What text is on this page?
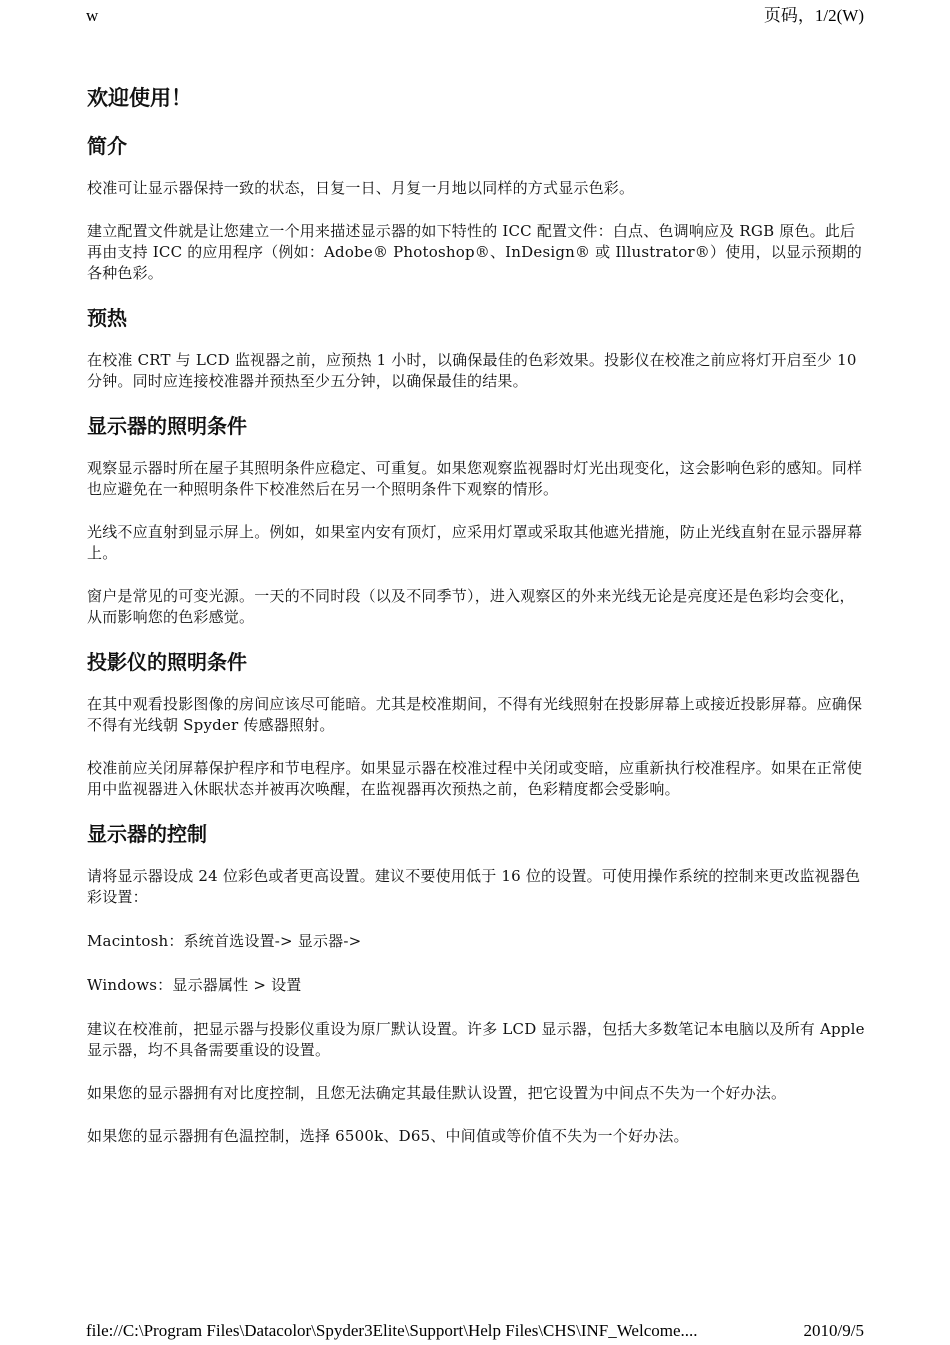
w	页码，1/2(W)
欢迎使用！
简介
校准可让显示器保持一致的状态，日复一日、月复一月地以同样的方式显示色彩。
建立配置文件就是让您建立一个用来描述显示器的如下特性的 ICC 配置文件：白点、色调响应及 RGB 原色。此后再由支持 ICC 的应用程序（例如：Adobe® Photoshop®、InDesign® 或 Illustrator®）使用，以显示预期的各种色彩。
预热
在校准 CRT 与 LCD 监视器之前，应预热 1 小时，以确保最佳的色彩效果。投影仪在校准之前应将灯开启至少 10 分钟。同时应连接校准器并预热至少五分钟，以确保最佳的结果。
显示器的照明条件
观察显示器时所在屋子其照明条件应稳定、可重复。如果您观察监视器时灯光出现变化，这会影响色彩的感知。同样也应避免在一种照明条件下校准然后在另一个照明条件下观察的情形。
光线不应直射到显示屏上。例如，如果室内安有顶灯，应采用灯罩或采取其他遮光措施，防止光线直射在显示器屏幕上。
窗户是常见的可变光源。一天的不同时段（以及不同季节），进入观察区的外来光线无论是亮度还是色彩均会变化，从而影响您的色彩感觉。
投影仪的照明条件
在其中观看投影图像的房间应该尽可能暗。尤其是校准期间，不得有光线照射在投影屏幕上或接近投影屏幕。应确保不得有光线朝 Spyder 传感器照射。
校准前应关闭屏幕保护程序和节电程序。如果显示器在校准过程中关闭或变暗，应重新执行校准程序。如果在正常使用中监视器进入休眠状态并被再次唤醒，在监视器再次预热之前，色彩精度都会受影响。
显示器的控制
请将显示器设成 24 位彩色或者更高设置。建议不要使用低于 16 位的设置。可使用操作系统的控制来更改监视器色彩设置：
Macintosh：系统首选设置-> 显示器->
Windows：显示器属性 > 设置
建议在校准前，把显示器与投影仪重设为原厂默认设置。许多 LCD 显示器，包括大多数笔记本电脑以及所有 Apple 显示器，均不具备需要重设的设置。
如果您的显示器拥有对比度控制，且您无法确定其最佳默认设置，把它设置为中间点不失为一个好办法。
如果您的显示器拥有色温控制，选择 6500k、D65、中间值或等价值不失为一个好办法。
file://C:\Program Files\Datacolor\Spyder3Elite\Support\Help Files\CHS\INF_Welcome....	2010/9/5
